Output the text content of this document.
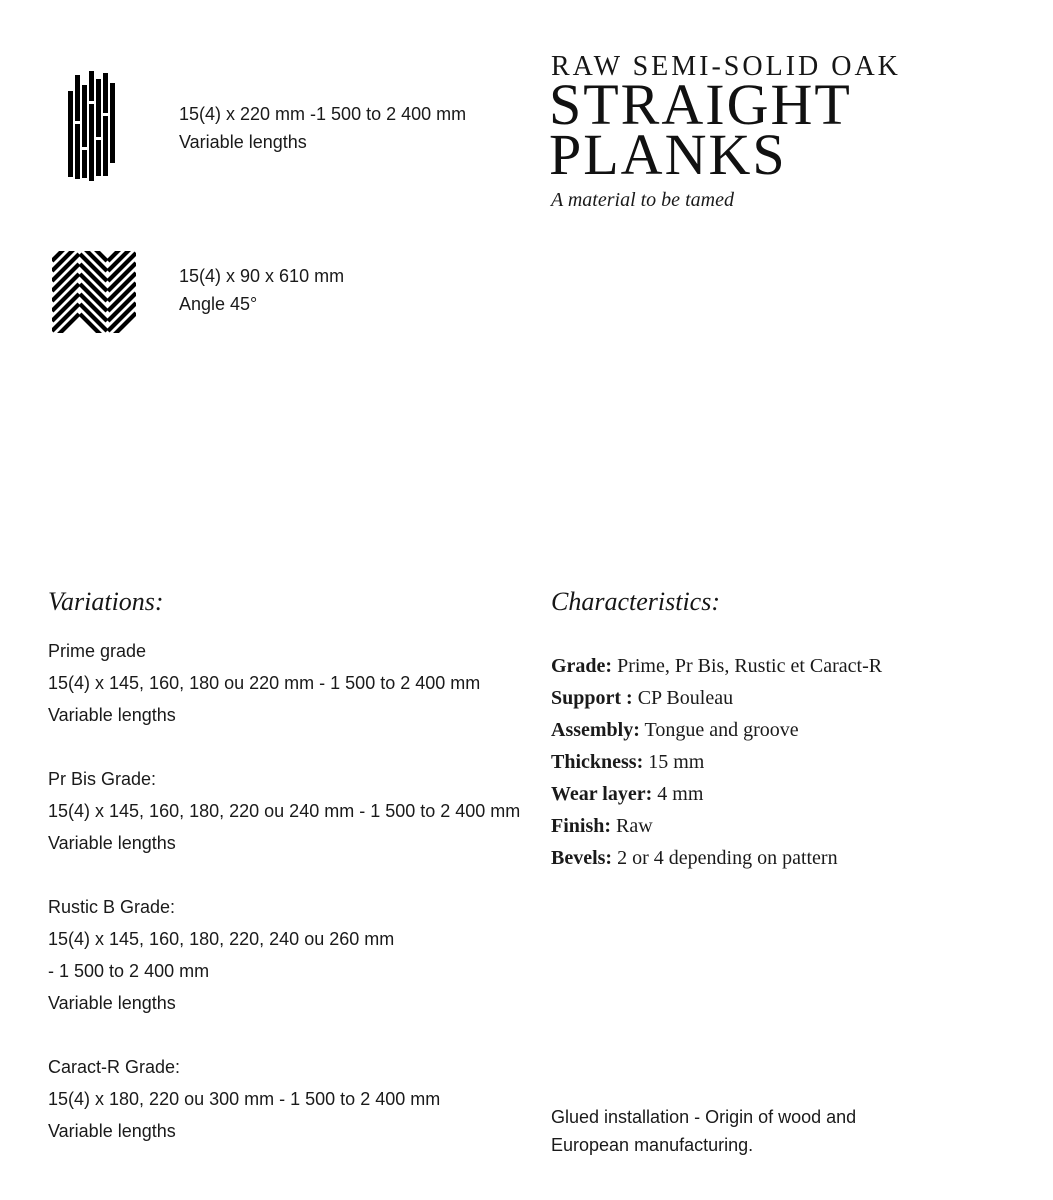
15(4) x 220 mm -1 500 to 2 400 mm
Variable lengths
15(4) x 90 x 610 mm
Angle 45°
RAW SEMI-SOLID OAK
STRAIGHT
PLANKS
A material to be tamed
Variations:
Prime grade
15(4) x 145, 160, 180 ou 220 mm - 1 500 to 2 400 mm
Variable lengths
Pr Bis Grade:
15(4) x 145, 160, 180, 220 ou 240 mm - 1 500 to 2 400 mm
Variable lengths
Rustic B Grade:
15(4) x 145, 160, 180, 220, 240 ou 260 mm
- 1 500 to 2 400 mm
Variable lengths
Caract-R Grade:
15(4) x 180, 220 ou 300 mm - 1 500 to 2 400 mm
Variable lengths
Characteristics:
Grade: Prime, Pr Bis, Rustic et Caract-R
Support : CP Bouleau
Assembly: Tongue and groove
Thickness: 15 mm
Wear layer: 4 mm
Finish: Raw
Bevels: 2 or 4 depending on pattern
Glued installation - Origin of wood and
European manufacturing.
